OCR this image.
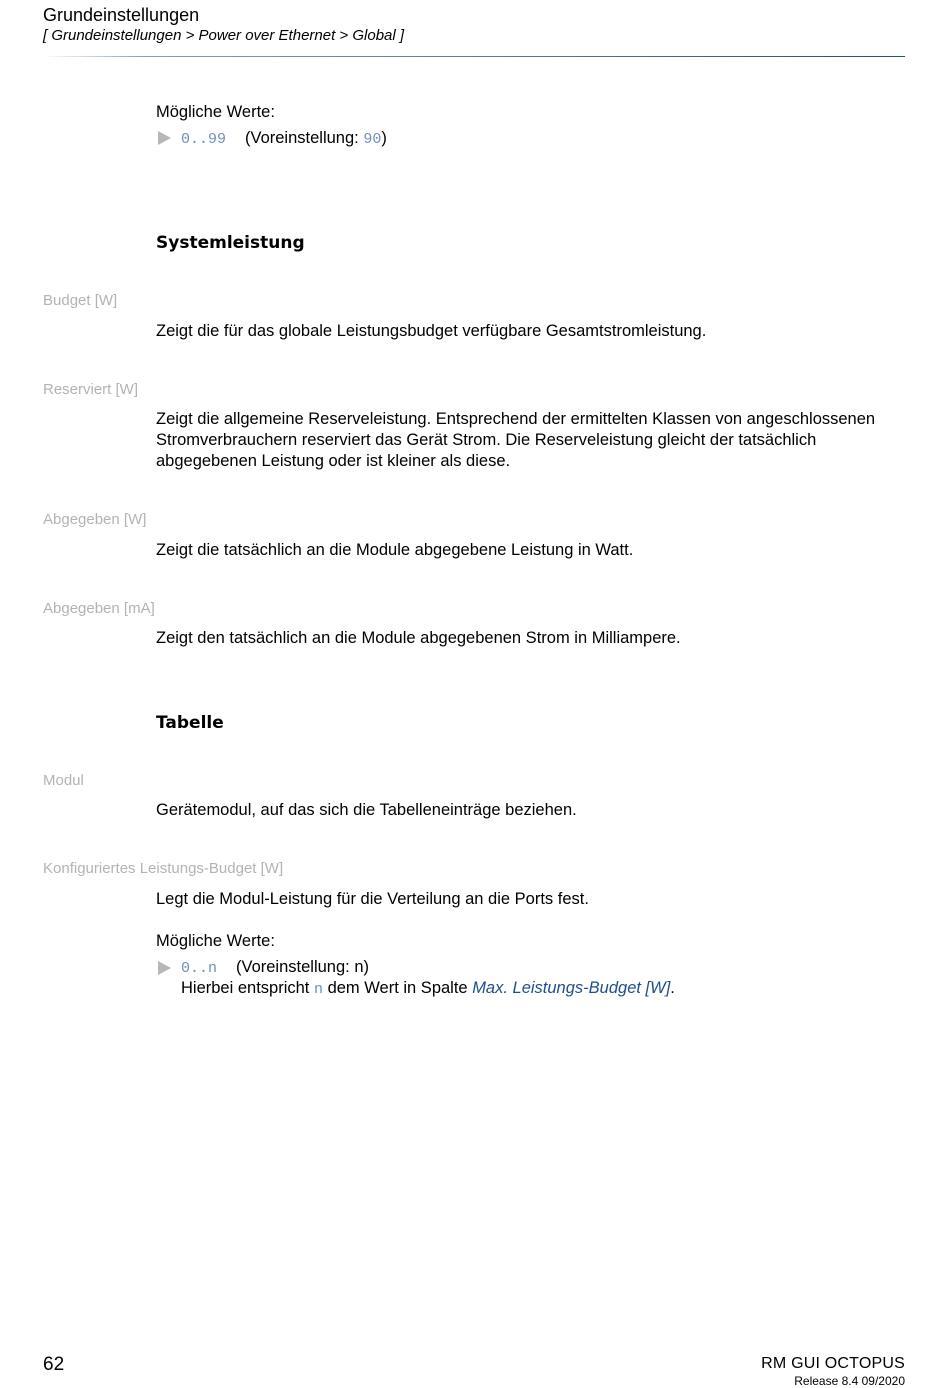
Grundeinstellungen
[ Grundeinstellungen > Power over Ethernet > Global ]
Mögliche Werte:
0..99 (Voreinstellung: 90)
Systemleistung
Budget [W]
Zeigt die für das globale Leistungsbudget verfügbare Gesamtstromleistung.
Reserviert [W]
Zeigt die allgemeine Reserveleistung. Entsprechend der ermittelten Klassen von angeschlossenen Stromverbrauchern reserviert das Gerät Strom. Die Reserveleistung gleicht der tatsächlich abgegebenen Leistung oder ist kleiner als diese.
Abgegeben [W]
Zeigt die tatsächlich an die Module abgegebene Leistung in Watt.
Abgegeben [mA]
Zeigt den tatsächlich an die Module abgegebenen Strom in Milliampere.
Tabelle
Modul
Gerätemodul, auf das sich die Tabelleneinträge beziehen.
Konfiguriertes Leistungs-Budget [W]
Legt die Modul-Leistung für die Verteilung an die Ports fest.
Mögliche Werte:
0..n (Voreinstellung: n)
Hierbei entspricht n dem Wert in Spalte Max. Leistungs-Budget [W].
62	RM GUI OCTOPUS
Release 8.4 09/2020
